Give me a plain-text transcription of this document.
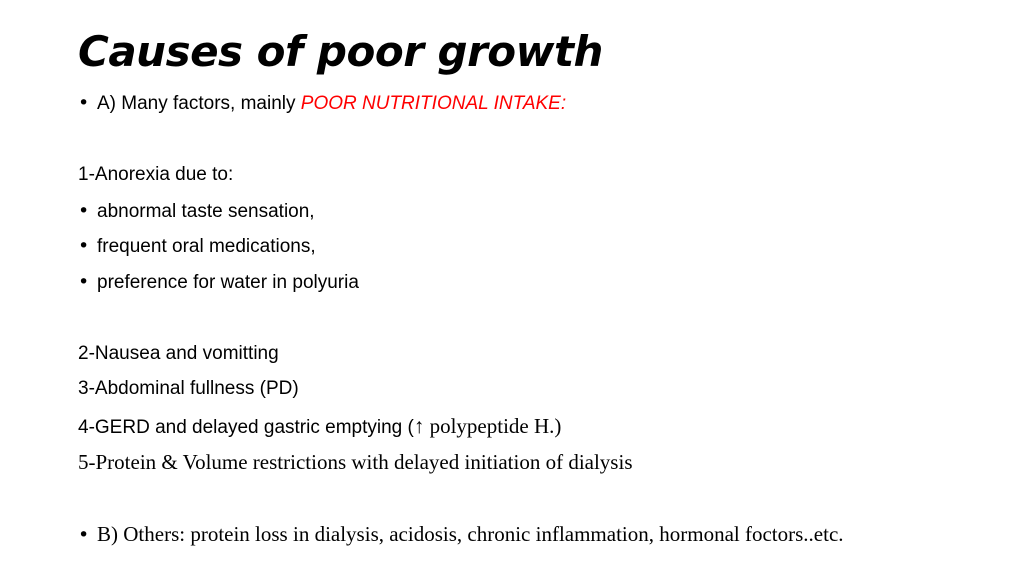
Causes of poor growth
• A) Many factors, mainly POOR NUTRITIONAL INTAKE:
1-Anorexia due to:
• abnormal taste sensation,
• frequent oral medications,
• preference for water in polyuria
2-Nausea and vomitting
3-Abdominal fullness (PD)
4-GERD and delayed gastric emptying (↑ polypeptide H.)
5-Protein & Volume restrictions with delayed initiation of dialysis
• B) Others: protein loss in dialysis, acidosis, chronic inflammation, hormonal foctors..etc.
